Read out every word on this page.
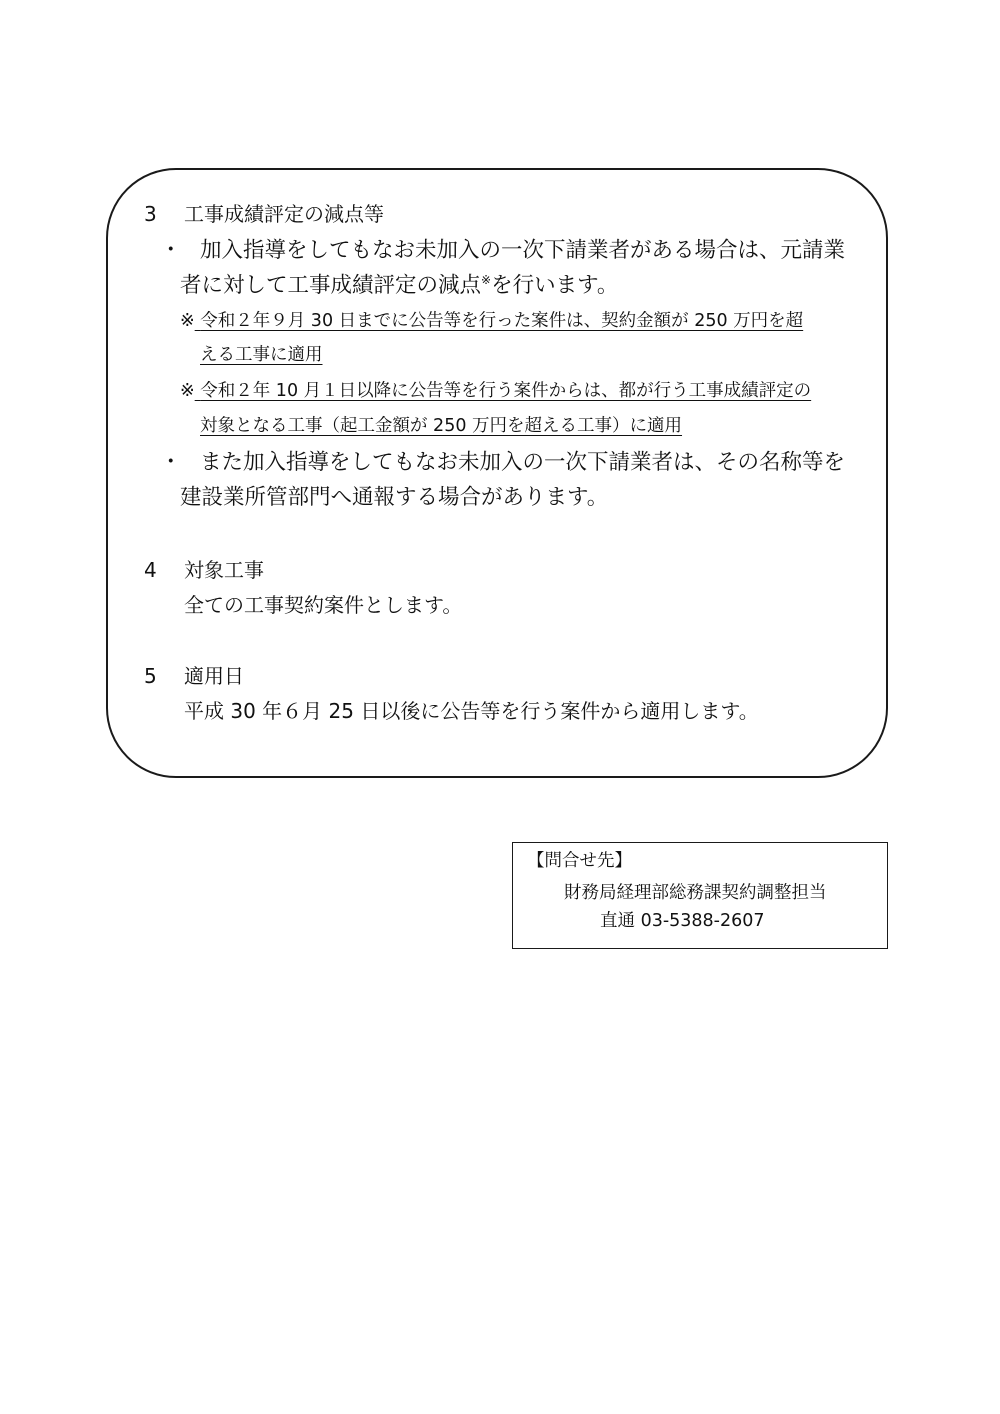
3 工事成績評定の減点等
・ 加入指導をしてもなお未加入の一次下請業者がある場合は、元請業
者に対して工事成績評定の減点※を行います。
※ 令和２年９月 30 日までに公告等を行った案件は、契約金額が 250 万円を超
える工事に適用
※ 令和２年 10 月１日以降に公告等を行う案件からは、都が行う工事成績評定の
対象となる工事（起工金額が 250 万円を超える工事）に適用
・ また加入指導をしてもなお未加入の一次下請業者は、その名称等を
建設業所管部門へ通報する場合があります。
4 対象工事
全ての工事契約案件とします。
5 適用日
平成 30 年６月 25 日以後に公告等を行う案件から適用します。
【問合せ先】
財務局経理部総務課契約調整担当
直通 03-5388-2607
